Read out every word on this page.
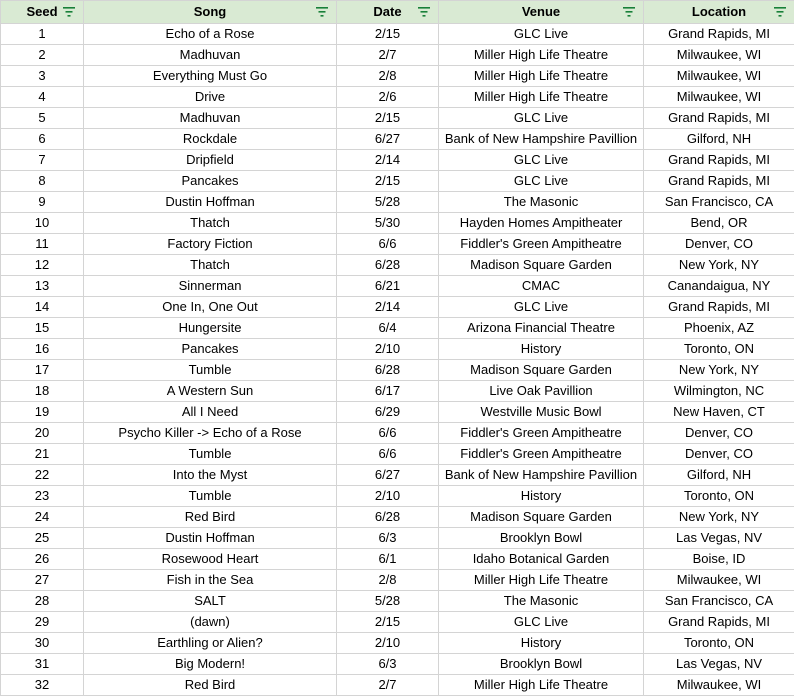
Seed	Song	Date	Venue	Location

1	Echo of a Rose	2/15	GLC Live	Grand Rapids, MI
2	Madhuvan	2/7	Miller High Life Theatre	Milwaukee, WI
3	Everything Must Go	2/8	Miller High Life Theatre	Milwaukee, WI
4	Drive	2/6	Miller High Life Theatre	Milwaukee, WI
5	Madhuvan	2/15	GLC Live	Grand Rapids, MI
6	Rockdale	6/27	Bank of New Hampshire Pavillion	Gilford, NH
7	Dripfield	2/14	GLC Live	Grand Rapids, MI
8	Pancakes	2/15	GLC Live	Grand Rapids, MI
9	Dustin Hoffman	5/28	The Masonic	San Francisco, CA
10	Thatch	5/30	Hayden Homes Ampitheater	Bend, OR
11	Factory Fiction	6/6	Fiddler's Green Ampitheatre	Denver, CO
12	Thatch	6/28	Madison Square Garden	New York, NY
13	Sinnerman	6/21	CMAC	Canandaigua, NY
14	One In, One Out	2/14	GLC Live	Grand Rapids, MI
15	Hungersite	6/4	Arizona Financial Theatre	Phoenix, AZ
16	Pancakes	2/10	History	Toronto, ON
17	Tumble	6/28	Madison Square Garden	New York, NY
18	A Western Sun	6/17	Live Oak Pavillion	Wilmington, NC
19	All I Need	6/29	Westville Music Bowl	New Haven, CT
20	Psycho Killer -> Echo of a Rose	6/6	Fiddler's Green Ampitheatre	Denver, CO
21	Tumble	6/6	Fiddler's Green Ampitheatre	Denver, CO
22	Into the Myst	6/27	Bank of New Hampshire Pavillion	Gilford, NH
23	Tumble	2/10	History	Toronto, ON
24	Red Bird	6/28	Madison Square Garden	New York, NY
25	Dustin Hoffman	6/3	Brooklyn Bowl	Las Vegas, NV
26	Rosewood Heart	6/1	Idaho Botanical Garden	Boise, ID
27	Fish in the Sea	2/8	Miller High Life Theatre	Milwaukee, WI
28	SALT	5/28	The Masonic	San Francisco, CA
29	(dawn)	2/15	GLC Live	Grand Rapids, MI
30	Earthling or Alien?	2/10	History	Toronto, ON
31	Big Modern!	6/3	Brooklyn Bowl	Las Vegas, NV
32	Red Bird	2/7	Miller High Life Theatre	Milwaukee, WI
